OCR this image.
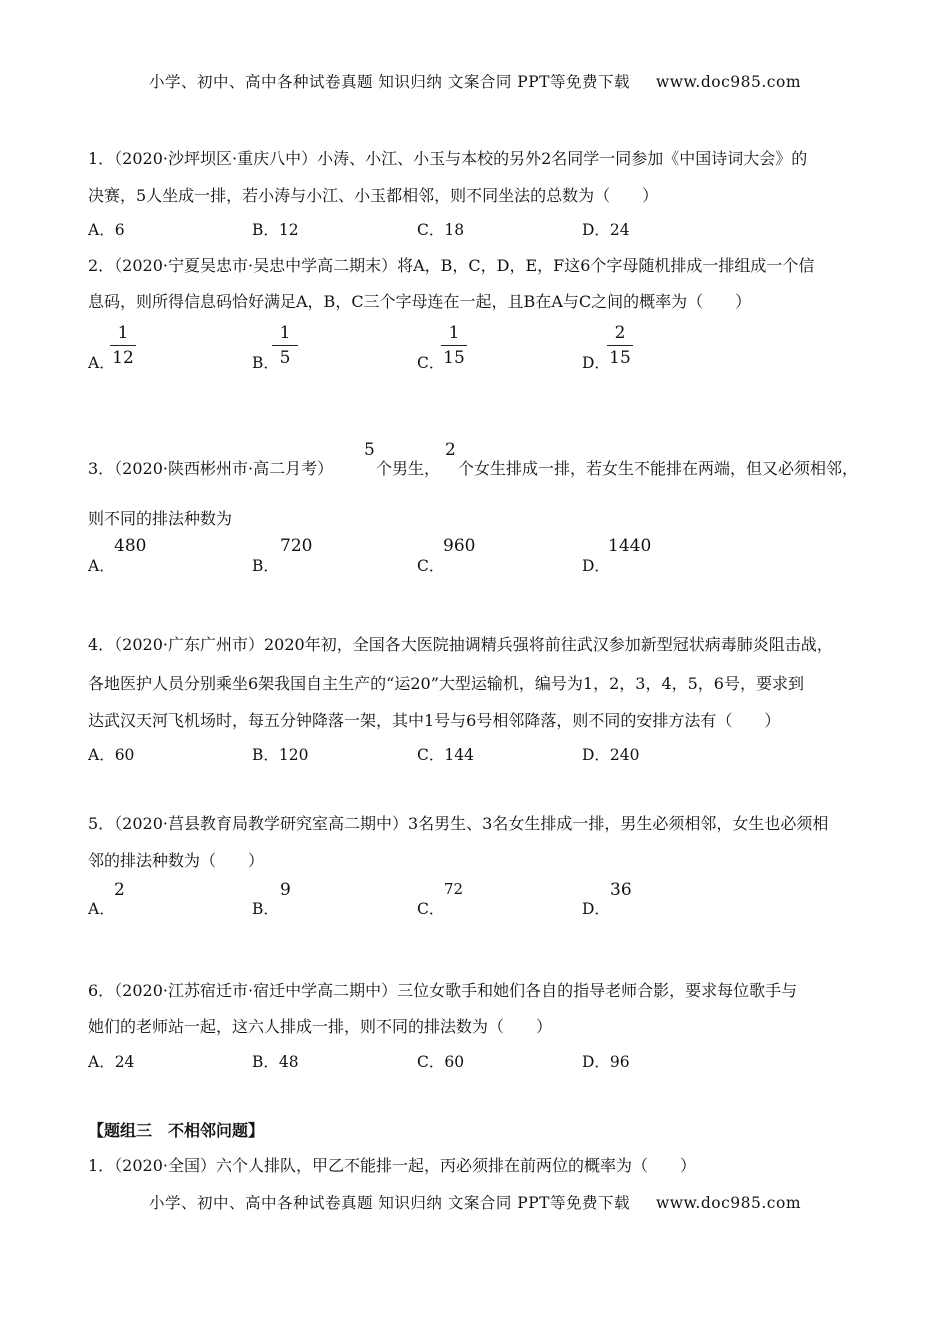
小学、初中、高中各种试卷真题 知识归纳 文案合同 PPT等免费下载 www.doc985.com
1．（2020·沙坪坝区·重庆八中）小涛、小江、小玉与本校的另外2名同学一同参加《中国诗词大会》的
决赛，5人坐成一排，若小涛与小江、小玉都相邻，则不同坐法的总数为（　　）
A．6	B．12	C．18	D．24
2．（2020·宁夏吴忠市·吴忠中学高二期末）将A，B，C，D，E，F这6个字母随机排成一排组成一个信
息码，则所得信息码恰好满足A，B，C三个字母连在一起，且B在A与C之间的概率为（　　）
A．
1
12	B．
1
5	C．
1
15	D．
2
15
3．（2020·陕西彬州市·高二月考）
5
个男生，
2
个女生排成一排，若女生不能排在两端，但又必须相邻，
则不同的排法种数为
A．
480
B．
720
C．
960
D．
1440
4．（2020·广东广州市）2020年初，全国各大医院抽调精兵强将前往武汉参加新型冠状病毒肺炎阻击战，
各地医护人员分别乘坐6架我国自主生产的“运20”大型运输机，编号为1，2，3，4，5，6号，要求到
达武汉天河飞机场时，每五分钟降落一架，其中1号与6号相邻降落，则不同的安排方法有（　　）
A．60	B．120	C．144	D．240
5．（2020·莒县教育局教学研究室高二期中）3名男生、3名女生排成一排，男生必须相邻，女生也必须相
邻的排法种数为（　　）
A．
2
B．
9
C．
72
D．
36
6．（2020·江苏宿迁市·宿迁中学高二期中）三位女歌手和她们各自的指导老师合影，要求每位歌手与
她们的老师站一起，这六人排成一排，则不同的排法数为（　　）
A．24	B．48	C．60	D．96
【题组三　不相邻问题】
1．（2020·全国）六个人排队，甲乙不能排一起，丙必须排在前两位的概率为（　　）
小学、初中、高中各种试卷真题 知识归纳 文案合同 PPT等免费下载 www.doc985.com
